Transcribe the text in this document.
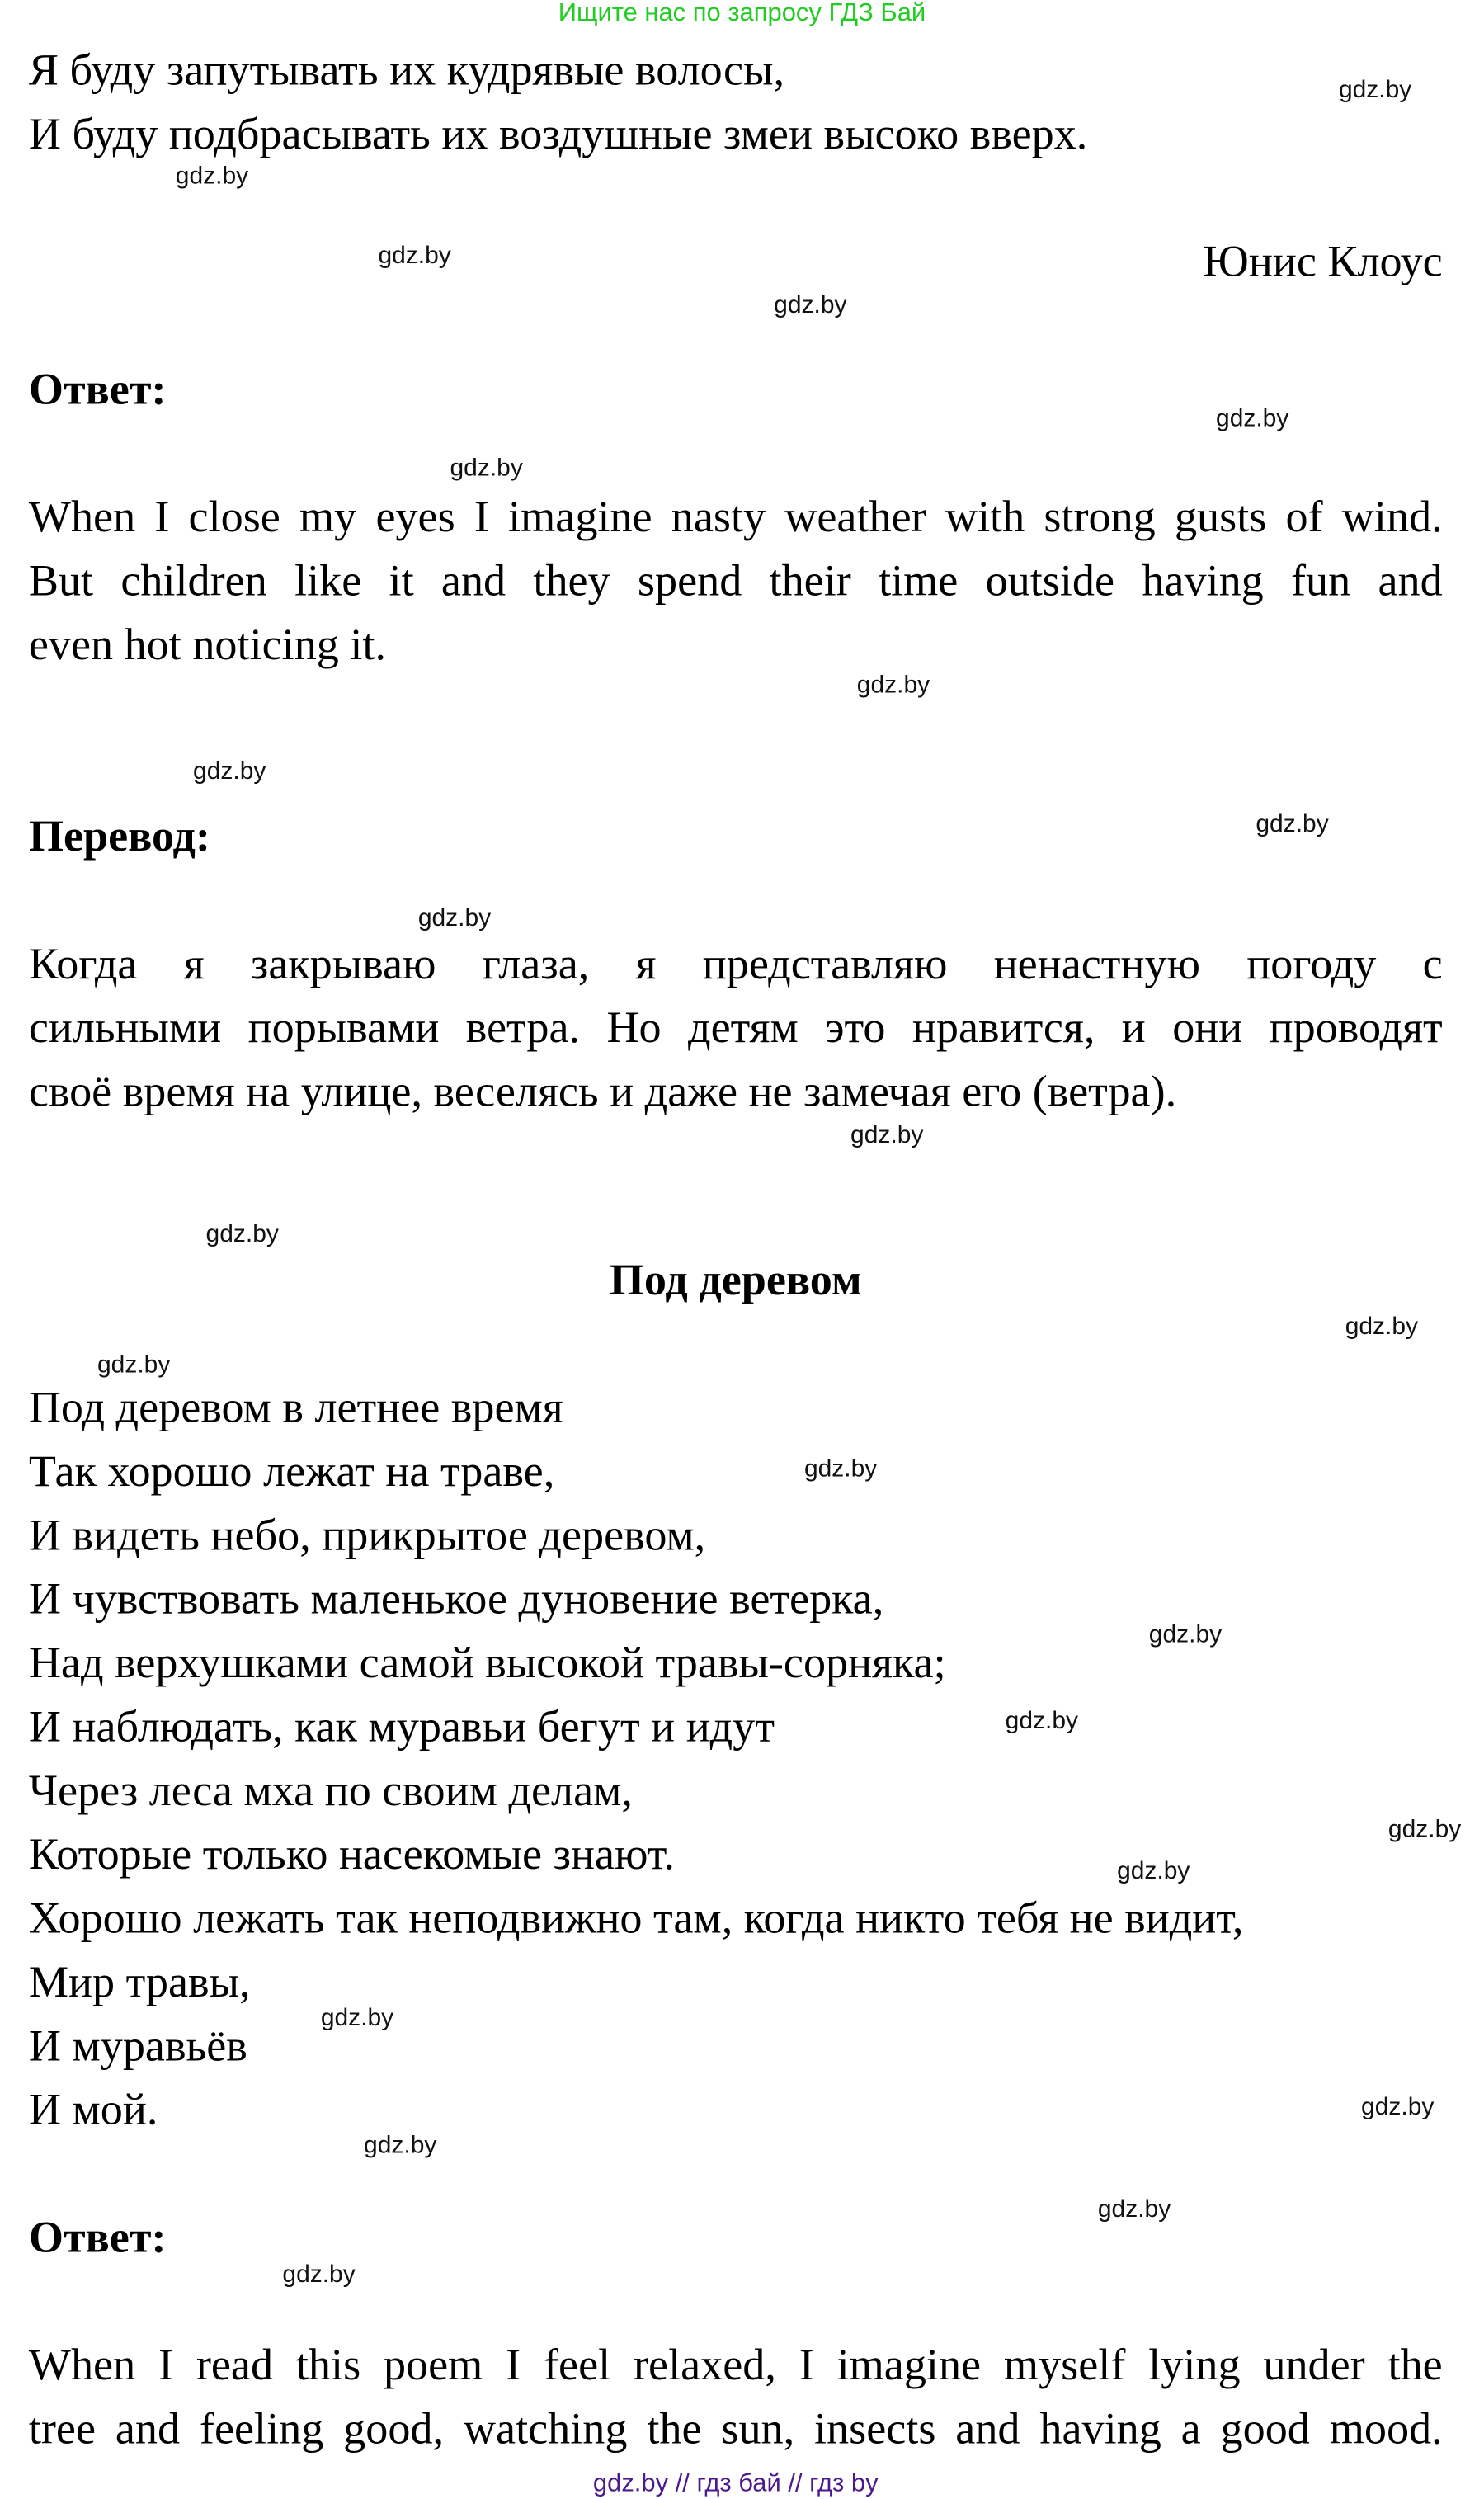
Ищите нас по запросу ГДЗ Бай
Я буду запутывать их кудрявые волосы,
И буду подбрасывать их воздушные змеи высоко вверх.
Юнис Клоус
Ответ:
When I close my eyes I imagine nasty weather with strong gusts of wind.
But children like it and they spend their time outside having fun and
even hot noticing it.
Перевод:
Когда я закрываю глаза, я представляю ненастную погоду с
сильными порывами ветра. Но детям это нравится, и они проводят
своё время на улице, веселясь и даже не замечая его (ветра).
Под деревом
Под деревом в летнее время
Так хорошо лежат на траве,
И видеть небо, прикрытое деревом,
И чувствовать маленькое дуновение ветерка,
Над верхушками самой высокой травы-сорняка;
И наблюдать, как муравьи бегут и идут
Через леса мха по своим делам,
Которые только насекомые знают.
Хорошо лежать так неподвижно там, когда никто тебя не видит,
Мир травы,
И муравьёв
И мой.
Ответ:
When I read this poem I feel relaxed, I imagine myself lying under the
tree and feeling good, watching the sun, insects and having a good mood.
gdz.by // гдз бай // гдз by
gdz.by
gdz.by
gdz.by
gdz.by
gdz.by
gdz.by
gdz.by
gdz.by
gdz.by
gdz.by
gdz.by
gdz.by
gdz.by
gdz.by
gdz.by
gdz.by
gdz.by
gdz.by
gdz.by
gdz.by
gdz.by
gdz.by
gdz.by
gdz.by
